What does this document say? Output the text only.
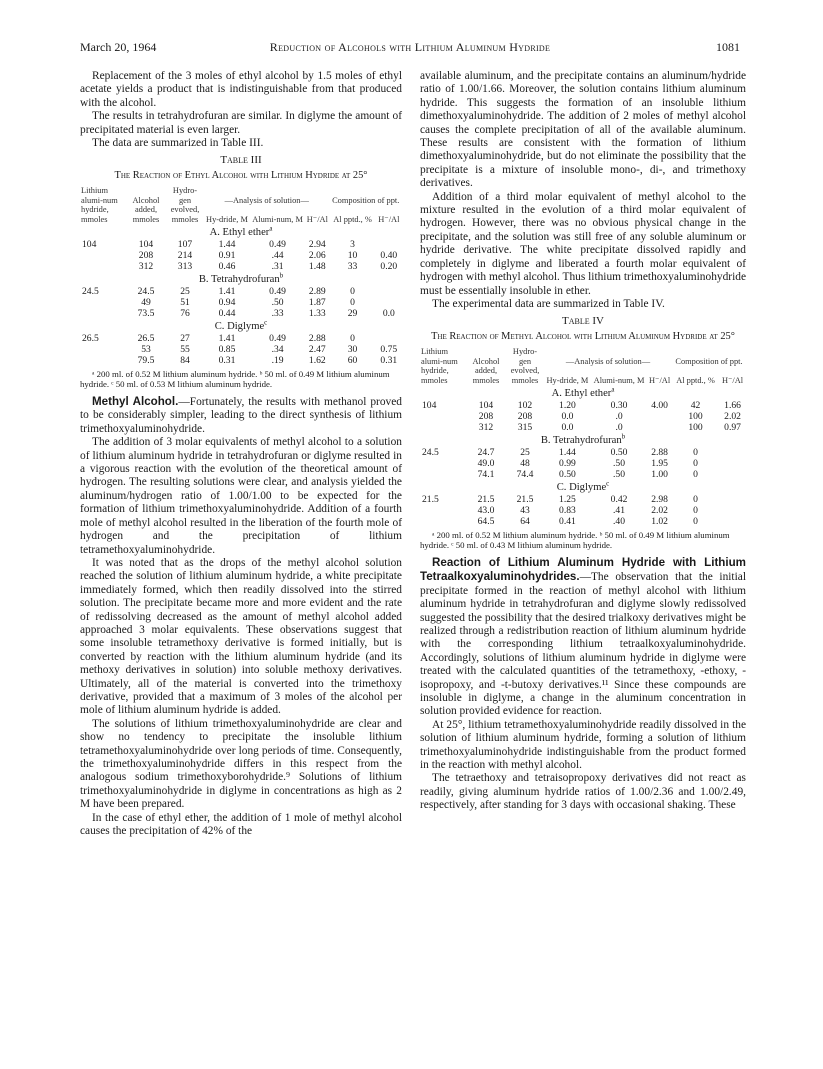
March 20, 1964	Reduction of Alcohols with Lithium Aluminum Hydride	1081

Replacement of the 3 moles of ethyl alcohol by 1.5 moles of ethyl acetate yields a product that is indistinguishable from that produced with the alcohol.

The results in tetrahydrofuran are similar. In diglyme the amount of precipitated material is even larger.

The data are summarized in Table III.

Table III
The Reaction of Ethyl Alcohol with Lithium Hydride at 25°
Lithium alumi-num hydride, mmoles	Alcohol added, mmoles	Hydro-gen evolved, mmoles	—Analysis of solution—			Composition of ppt.	
			Hy-dride, M	Alumi-num, M	H⁻/Al	Al pptd., %	H⁻/Al
A. Ethyl ether$^a$
104	104	107	1.44	0.49	2.94	3	
	208	214	0.91	.44	2.06	10	0.40
	312	313	0.46	.31	1.48	33	0.20
B. Tetrahydrofuran$^b$
24.5	24.5	25	1.41	0.49	2.89	0	
	49	51	0.94	.50	1.87	0	
	73.5	76	0.44	.33	1.33	29	0.0
C. Diglyme$^c$
26.5	26.5	27	1.41	0.49	2.88	0	
	53	55	0.85	.34	2.47	30	0.75
	79.5	84	0.31	.19	1.62	60	0.31
ᵃ 200 ml. of 0.52 M lithium aluminum hydride. ᵇ 50 ml. of 0.49 M lithium aluminum hydride. ᶜ 50 ml. of 0.53 M lithium aluminum hydride.

Methyl Alcohol.—Fortunately, the results with methanol proved to be considerably simpler, leading to the direct synthesis of lithium trimethoxyaluminohydride.

The addition of 3 molar equivalents of methyl alcohol to a solution of lithium aluminum hydride in tetrahydrofuran or diglyme resulted in a vigorous reaction with the evolution of the theoretical amount of hydrogen. The resulting solutions were clear, and analysis yielded the aluminum/hydrogen ratio of 1.00/1.00 to be expected for the formation of lithium trimethoxyaluminohydride. Addition of a fourth mole of methyl alcohol resulted in the liberation of the fourth mole of hydrogen and the precipitation of lithium tetramethoxyaluminohydride.

It was noted that as the drops of the methyl alcohol solution reached the solution of lithium aluminum hydride, a white precipitate immediately formed, which then readily dissolved into the stirred solution. The precipitate became more and more evident and the rate of redissolving decreased as the amount of methyl alcohol added approached 3 molar equivalents. These observations suggest that some insoluble tetramethoxy derivative is formed initially, but is converted by reaction with the lithium aluminum hydride (and its methoxy derivatives in solution) into soluble methoxy derivatives. Ultimately, all of the material is converted into the trimethoxy derivative, provided that a maximum of 3 moles of the alcohol per mole of lithium aluminum hydride is added.

The solutions of lithium trimethoxyaluminohydride are clear and show no tendency to precipitate the insoluble lithium tetramethoxyaluminohydride over long periods of time. Consequently, the trimethoxyaluminohydride differs in this respect from the analogous sodium trimethoxyborohydride.⁹ Solutions of lithium trimethoxyaluminohydride in diglyme in concentrations as high as 2 M have been prepared.

In the case of ethyl ether, the addition of 1 mole of methyl alcohol causes the precipitation of 42% of the

available aluminum, and the precipitate contains an aluminum/hydride ratio of 1.00/1.66. Moreover, the solution contains lithium aluminum hydride. This suggests the formation of an insoluble lithium dimethoxyaluminohydride. The addition of 2 moles of methyl alcohol causes the complete precipitation of all of the available aluminum. These results are consistent with the formation of lithium dimethoxyaluminohydride, but do not eliminate the possibility that the precipitate is a mixture of insoluble mono-, di-, and trimethoxy derivatives.

Addition of a third molar equivalent of methyl alcohol to the mixture resulted in the evolution of a third molar equivalent of hydrogen. However, there was no obvious physical change in the precipitate, and the solution was still free of any soluble aluminum or hydride derivative. The white precipitate dissolved rapidly and completely in diglyme and liberated a fourth molar equivalent of hydrogen with methyl alcohol. Thus lithium trimethoxyaluminohydride must be essentially insoluble in ether.

The experimental data are summarized in Table IV.

Table IV
The Reaction of Methyl Alcohol with Lithium Aluminum Hydride at 25°
Lithium alumi-num hydride, mmoles	Alcohol added, mmoles	Hydro-gen evolved, mmoles	—Analysis of solution—			Composition of ppt.	
			Hy-dride, M	Alumi-num, M	H⁻/Al	Al pptd., %	H⁻/Al
A. Ethyl ether$^a$
104	104	102	1.20	0.30	4.00	42	1.66
	208	208	0.0	.0		100	2.02
	312	315	0.0	.0		100	0.97
B. Tetrahydrofuran$^b$
24.5	24.7	25	1.44	0.50	2.88	0	
	49.0	48	0.99	.50	1.95	0	
	74.1	74.4	0.50	.50	1.00	0	
C. Diglyme$^c$
21.5	21.5	21.5	1.25	0.42	2.98	0	
	43.0	43	0.83	.41	2.02	0	
	64.5	64	0.41	.40	1.02	0	
ᵃ 200 ml. of 0.52 M lithium aluminum hydride. ᵇ 50 ml. of 0.49 M lithium aluminum hydride. ᶜ 50 ml. of 0.43 M lithium aluminum hydride.

Reaction of Lithium Aluminum Hydride with Lithium Tetraalkoxyaluminohydrides.—The observation that the initial precipitate formed in the reaction of methyl alcohol with lithium aluminum hydride in tetrahydrofuran and diglyme slowly redissolved suggested the possibility that the desired trialkoxy derivatives might be realized through a redistribution reaction of lithium aluminum hydride with the corresponding lithium tetraalkoxyaluminohydride. Accordingly, solutions of lithium aluminum hydride in diglyme were treated with the calculated quantities of the tetramethoxy, -ethoxy, -isopropoxy, and -t-butoxy derivatives.¹¹ Since these compounds are insoluble in diglyme, a change in the aluminum concentration in solution provided evidence for reaction.

At 25°, lithium tetramethoxyaluminohydride readily dissolved in the solution of lithium aluminum hydride, forming a solution of lithium trimethoxyaluminohydride indistinguishable from the product formed in the reaction with methyl alcohol.

The tetraethoxy and tetraisopropoxy derivatives did not react as readily, giving aluminum hydride ratios of 1.00/2.36 and 1.00/2.49, respectively, after standing for 3 days with occasional shaking. These
